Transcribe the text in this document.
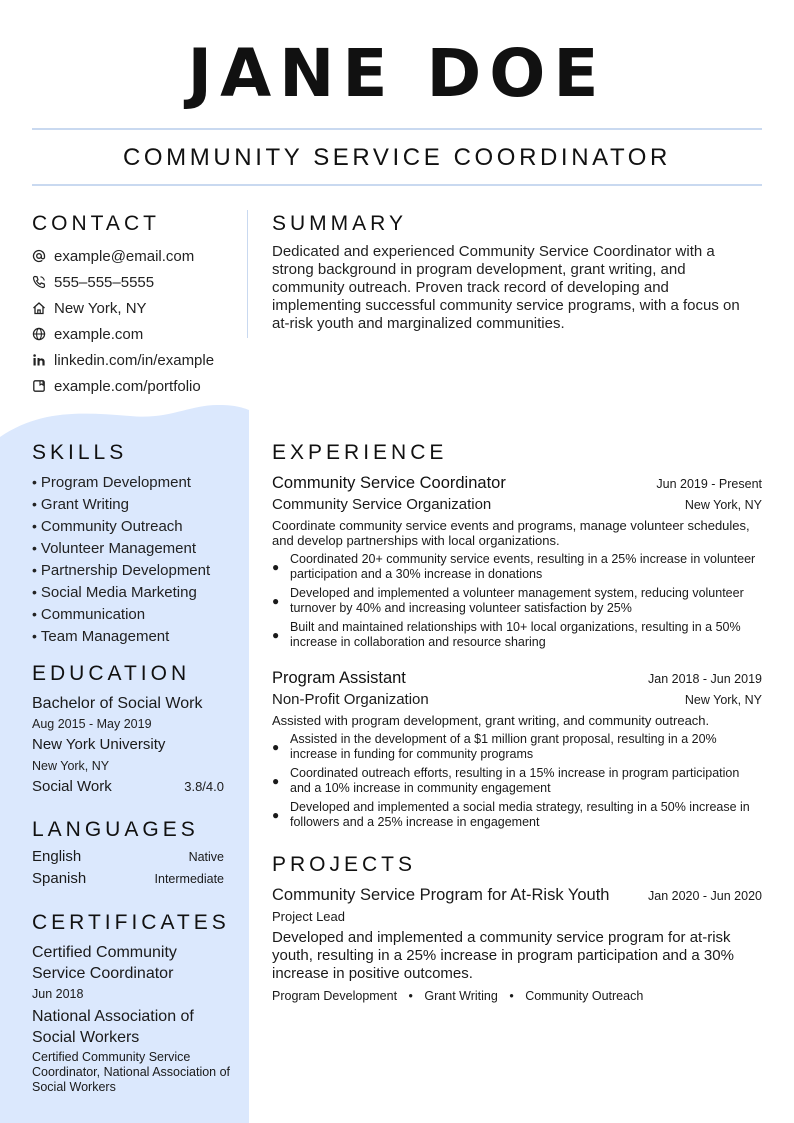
JANE DOE
COMMUNITY SERVICE COORDINATOR
CONTACT
example@email.com
555–555–5555
New York, NY
example.com
linkedin.com/in/example
example.com/portfolio
SUMMARY
Dedicated and experienced Community Service Coordinator with a strong background in program development, grant writing, and community outreach. Proven track record of developing and implementing successful community service programs, with a focus on at-risk youth and marginalized communities.
SKILLS
• Program Development
• Grant Writing
• Community Outreach
• Volunteer Management
• Partnership Development
• Social Media Marketing
• Communication
• Team Management
EDUCATION
Bachelor of Social Work
Aug 2015 - May 2019
New York University
New York, NY
Social Work	3.8/4.0
LANGUAGES
English	Native
Spanish	Intermediate
CERTIFICATES
Certified Community Service Coordinator
Jun 2018
National Association of Social Workers
Certified Community Service Coordinator, National Association of Social Workers
EXPERIENCE
Community Service Coordinator	Jun 2019 - Present
Community Service Organization	New York, NY
Coordinate community service events and programs, manage volunteer schedules, and develop partnerships with local organizations.
●
Coordinated 20+ community service events, resulting in a 25% increase in volunteer participation and a 30% increase in donations
●
Developed and implemented a volunteer management system, reducing volunteer turnover by 40% and increasing volunteer satisfaction by 25%
●
Built and maintained relationships with 10+ local organizations, resulting in a 50% increase in collaboration and resource sharing
Program Assistant	Jan 2018 - Jun 2019
Non-Profit Organization	New York, NY
Assisted with program development, grant writing, and community outreach.
●
Assisted in the development of a $1 million grant proposal, resulting in a 20% increase in funding for community programs
●
Coordinated outreach efforts, resulting in a 15% increase in program participation and a 10% increase in community engagement
●
Developed and implemented a social media strategy, resulting in a 50% increase in followers and a 25% increase in engagement
PROJECTS
Community Service Program for At-Risk Youth	Jan 2020 - Jun 2020
Project Lead
Developed and implemented a community service program for at-risk youth, resulting in a 25% increase in program participation and a 30% increase in positive outcomes.
Program Development • Grant Writing • Community Outreach
